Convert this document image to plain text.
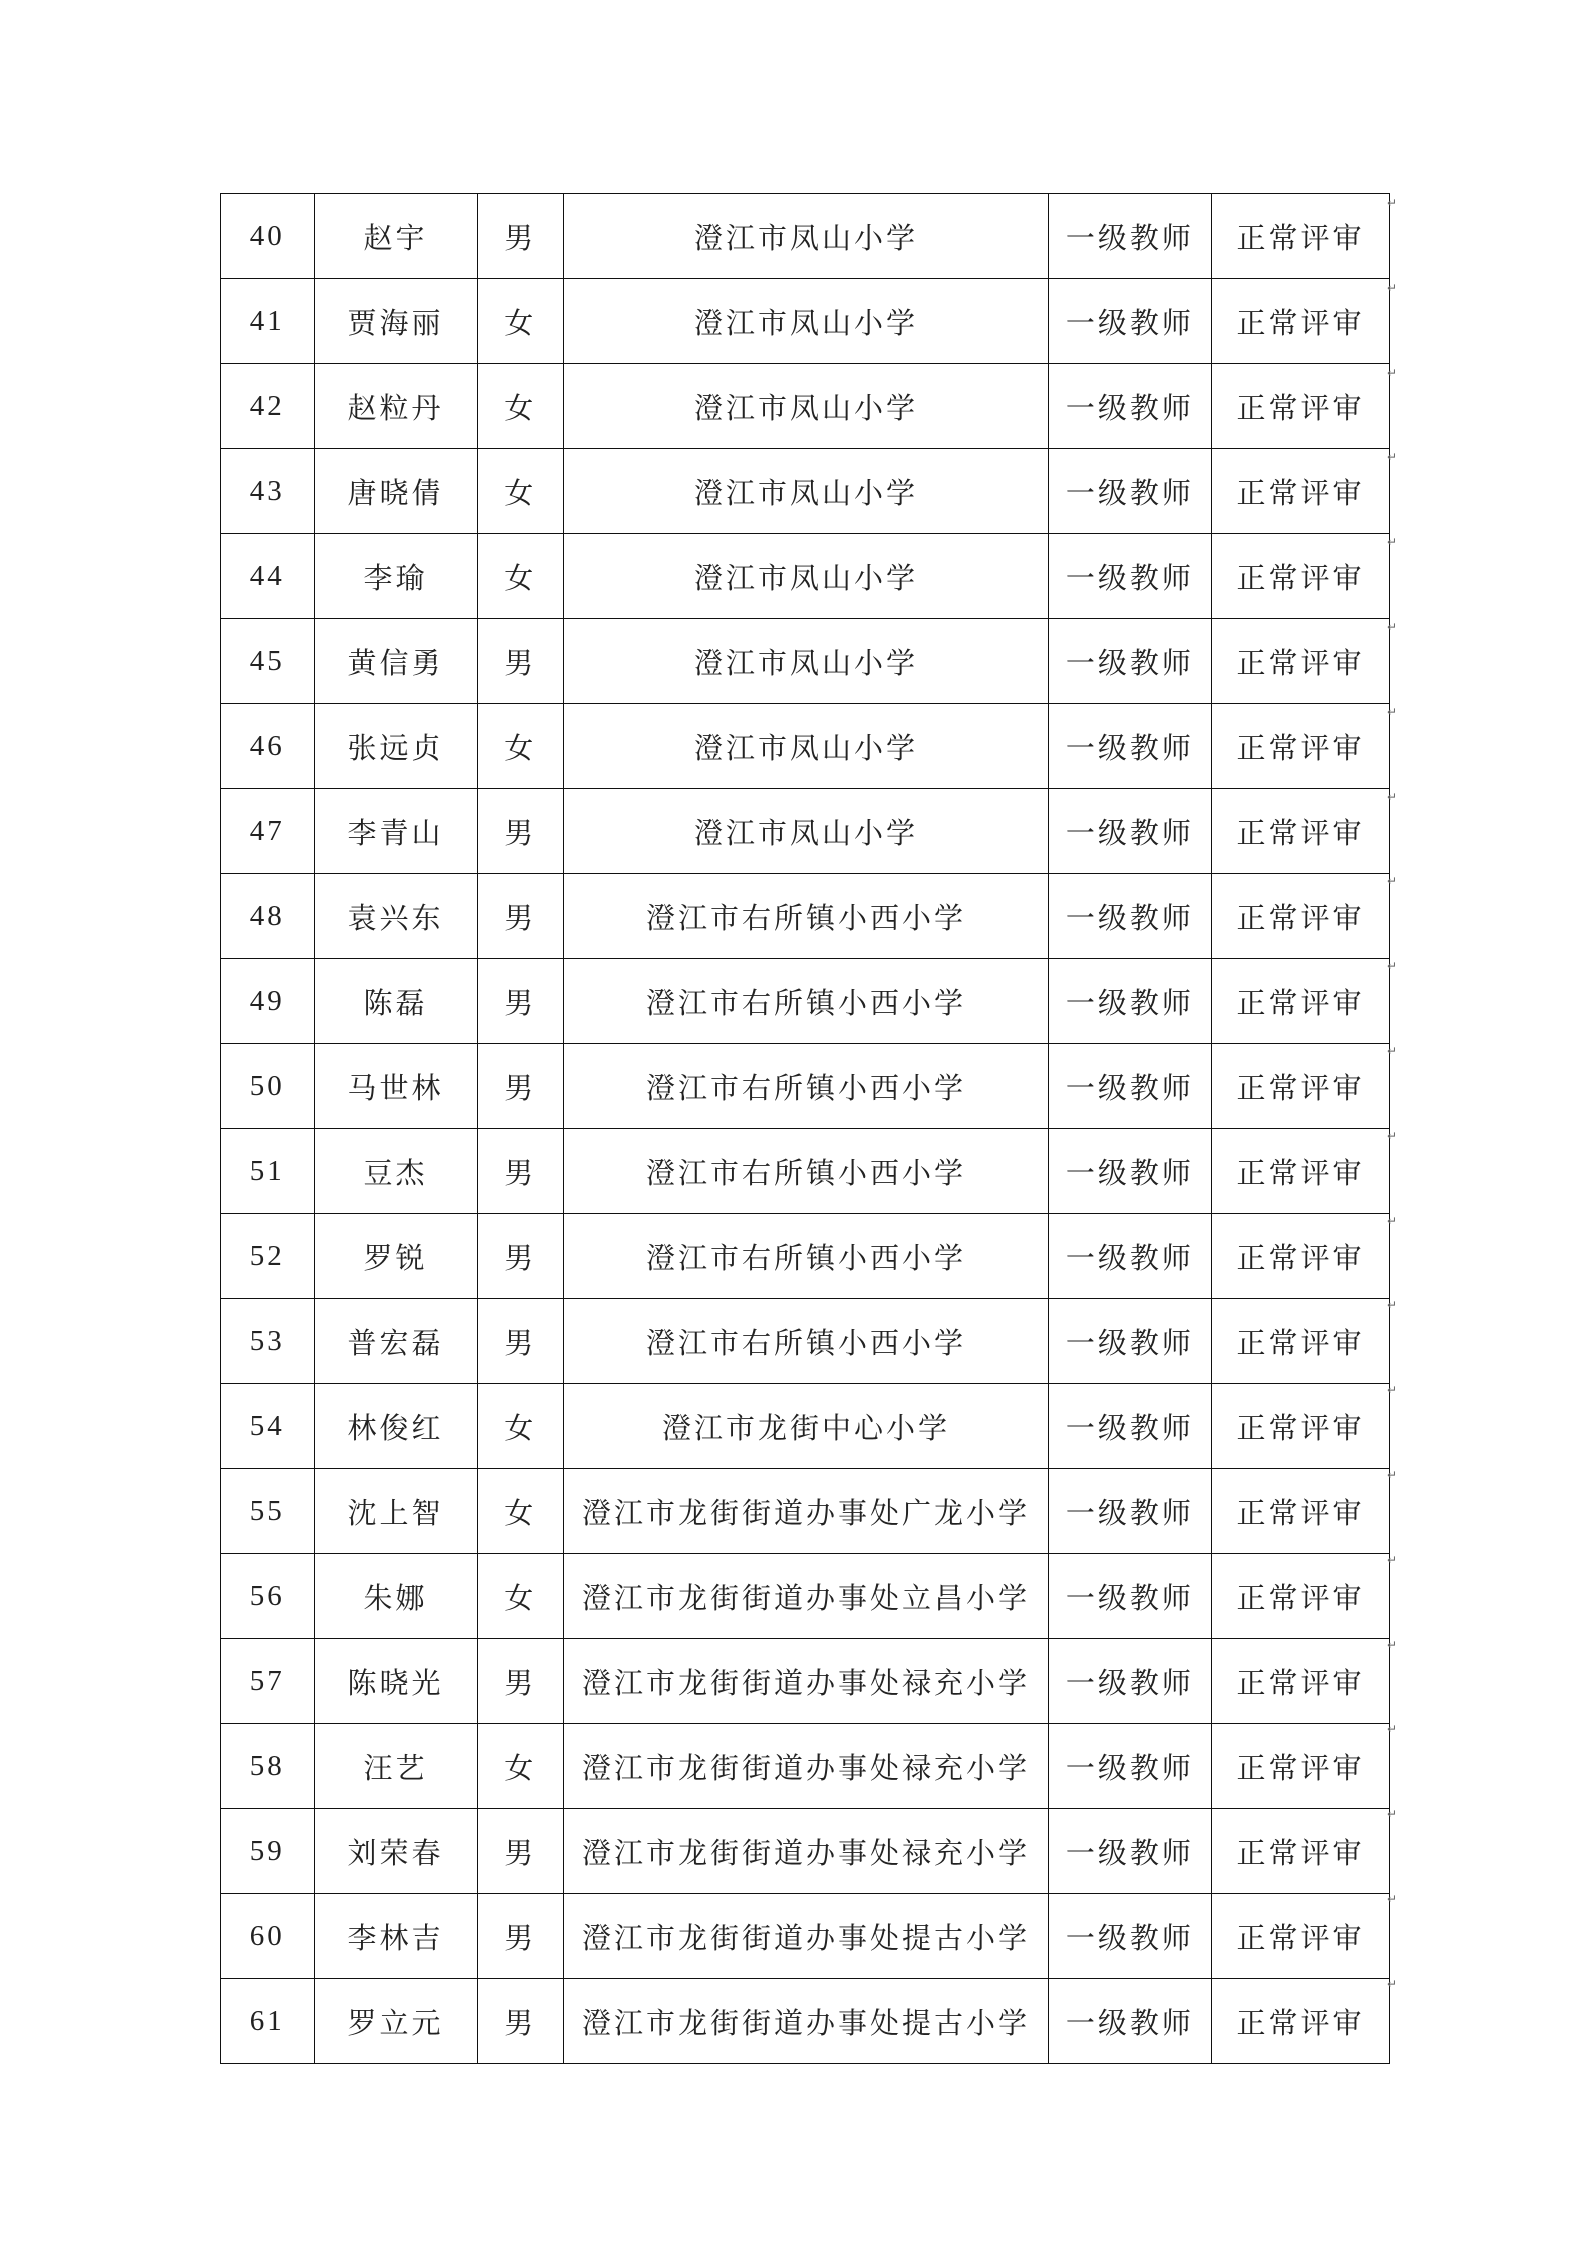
40	赵宇	男	澄江市凤山小学	一级教师	正常评审
41	贾海丽	女	澄江市凤山小学	一级教师	正常评审
42	赵粒丹	女	澄江市凤山小学	一级教师	正常评审
43	唐晓倩	女	澄江市凤山小学	一级教师	正常评审
44	李瑜	女	澄江市凤山小学	一级教师	正常评审
45	黄信勇	男	澄江市凤山小学	一级教师	正常评审
46	张远贞	女	澄江市凤山小学	一级教师	正常评审
47	李青山	男	澄江市凤山小学	一级教师	正常评审
48	袁兴东	男	澄江市右所镇小西小学	一级教师	正常评审
49	陈磊	男	澄江市右所镇小西小学	一级教师	正常评审
50	马世林	男	澄江市右所镇小西小学	一级教师	正常评审
51	豆杰	男	澄江市右所镇小西小学	一级教师	正常评审
52	罗锐	男	澄江市右所镇小西小学	一级教师	正常评审
53	普宏磊	男	澄江市右所镇小西小学	一级教师	正常评审
54	林俊红	女	澄江市龙街中心小学	一级教师	正常评审
55	沈上智	女	澄江市龙街街道办事处广龙小学	一级教师	正常评审
56	朱娜	女	澄江市龙街街道办事处立昌小学	一级教师	正常评审
57	陈晓光	男	澄江市龙街街道办事处禄充小学	一级教师	正常评审
58	汪艺	女	澄江市龙街街道办事处禄充小学	一级教师	正常评审
59	刘荣春	男	澄江市龙街街道办事处禄充小学	一级教师	正常评审
60	李林吉	男	澄江市龙街街道办事处提古小学	一级教师	正常评审
61	罗立元	男	澄江市龙街街道办事处提古小学	一级教师	正常评审
↵
↵
↵
↵
↵
↵
↵
↵
↵
↵
↵
↵
↵
↵
↵
↵
↵
↵
↵
↵
↵
↵
